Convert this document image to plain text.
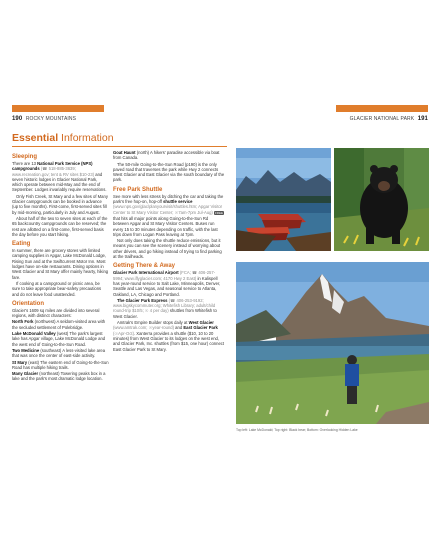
190 ROCKY MOUNTAINS	GLACIER NATIONAL PARK 191
Essential Information
Sleeping

There are 13 National Park Service (NPS) campgrounds (☎ 518-885-3639; www.recreation.gov; tent & RV sites $10-23) and seven historic lodges in Glacier National Park, which operate between mid-May and the end of September. Lodges invariably require reservations.

Only Fish Creek, St Mary and a few sites of Many Glacier campgrounds can be booked in advance (up to five months). First-come, first-served sites fill by mid-morning, particularly in July and August.

About half of the two to seven sites at each of the 65 backcountry campgrounds can be reserved; the rest are allotted on a first-come, first-served basis the day before you start hiking.

Eating

In summer, there are grocery stores with limited camping supplies in Apgar, Lake McDonald Lodge, Rising Sun and at the Swiftcurrent Motor Inn. Most lodges have on-site restaurants. Dining options in West Glacier and St Mary offer mainly hearty, hiking fare.

If cooking at a campground or picnic area, be sure to take appropriate bear-safety precautions and do not leave food unattended.

Orientation

Glacier's 1609 sq miles are divided into several regions, with distinct characters:

North Fork (northwest) A seldom-visited area with the secluded settlement of Polebridge.

Lake McDonald Valley (west) The park's largest lake has Apgar village, Lake McDonald Lodge and the west end of Going-to-the-Sun Road.

Two Medicine (southeast) A less-visited lake area that was once the center of east-side activity.

St Mary (east) The eastern end of Going-to-the-Sun Road has multiple hiking trails.

Many Glacier (northeast) Towering peaks box in a lake and the park's most dramatic lodge location.

Goat Haunt (north) A hikers' paradise accessible via boat from Canada.

The 50-mile Going-to-the-Sun Road (p190) is the only paved road that traverses the park while Hwy 2 connects West Glacier and East Glacier via the south boundary of the park.

Free Park Shuttle

See more with less stress by ditching the car and taking the park's free hop-on, hop-off shuttle service (www.nps.gov/glac/planyourvisit/shuttles.htm; Apgar Visitor Center to St Mary Visitor Center; ☉7am-7pm Jul-Aug) FREE that hits all major points along Going-to-the-Sun Rd between Apgar and St Mary Visitor Centers. Buses run every 15 to 30 minutes depending on traffic, with the last trips down from Logan Pass leaving at 7pm.

Not only does taking the shuttle reduce emissions, but it means you can see the scenery instead of worrying about other drivers, and go hiking instead of trying to find parking at the trailheads.

Getting There & Away

Glacier Park International Airport (FCA; ☎ 406-257-5994; www.iflyglacier.com; 4170 Hwy 2 East) in Kalispell has year-round service to Salt Lake, Minneapolis, Denver, Seattle and Las Vegas, and seasonal service to Atlanta, Oakland, LA, Chicago and Portland.

The Glacier Park Express (☎ 406-253-9192; www.bigskycommuter.org; Whitefish Library; adult/child round-trip $10/5; ☉ 4 per day) shuttles from Whitefish to West Glacier.

Amtrak's Empire Builder stops daily at West Glacier (www.amtrak.com; ☉year-round) and East Glacier Park (☉Apr-Oct). Xanterra provides a shuttle ($10, 10 to 20 minutes) from West Glacier to its lodges on the west end, and Glacier Park, Inc. shuttles (from $15, one hour) connect East Glacier Park to St Mary.

Top left: Lake McDonald; Top right: Black bear; Bottom: Overlooking Hidden Lake
